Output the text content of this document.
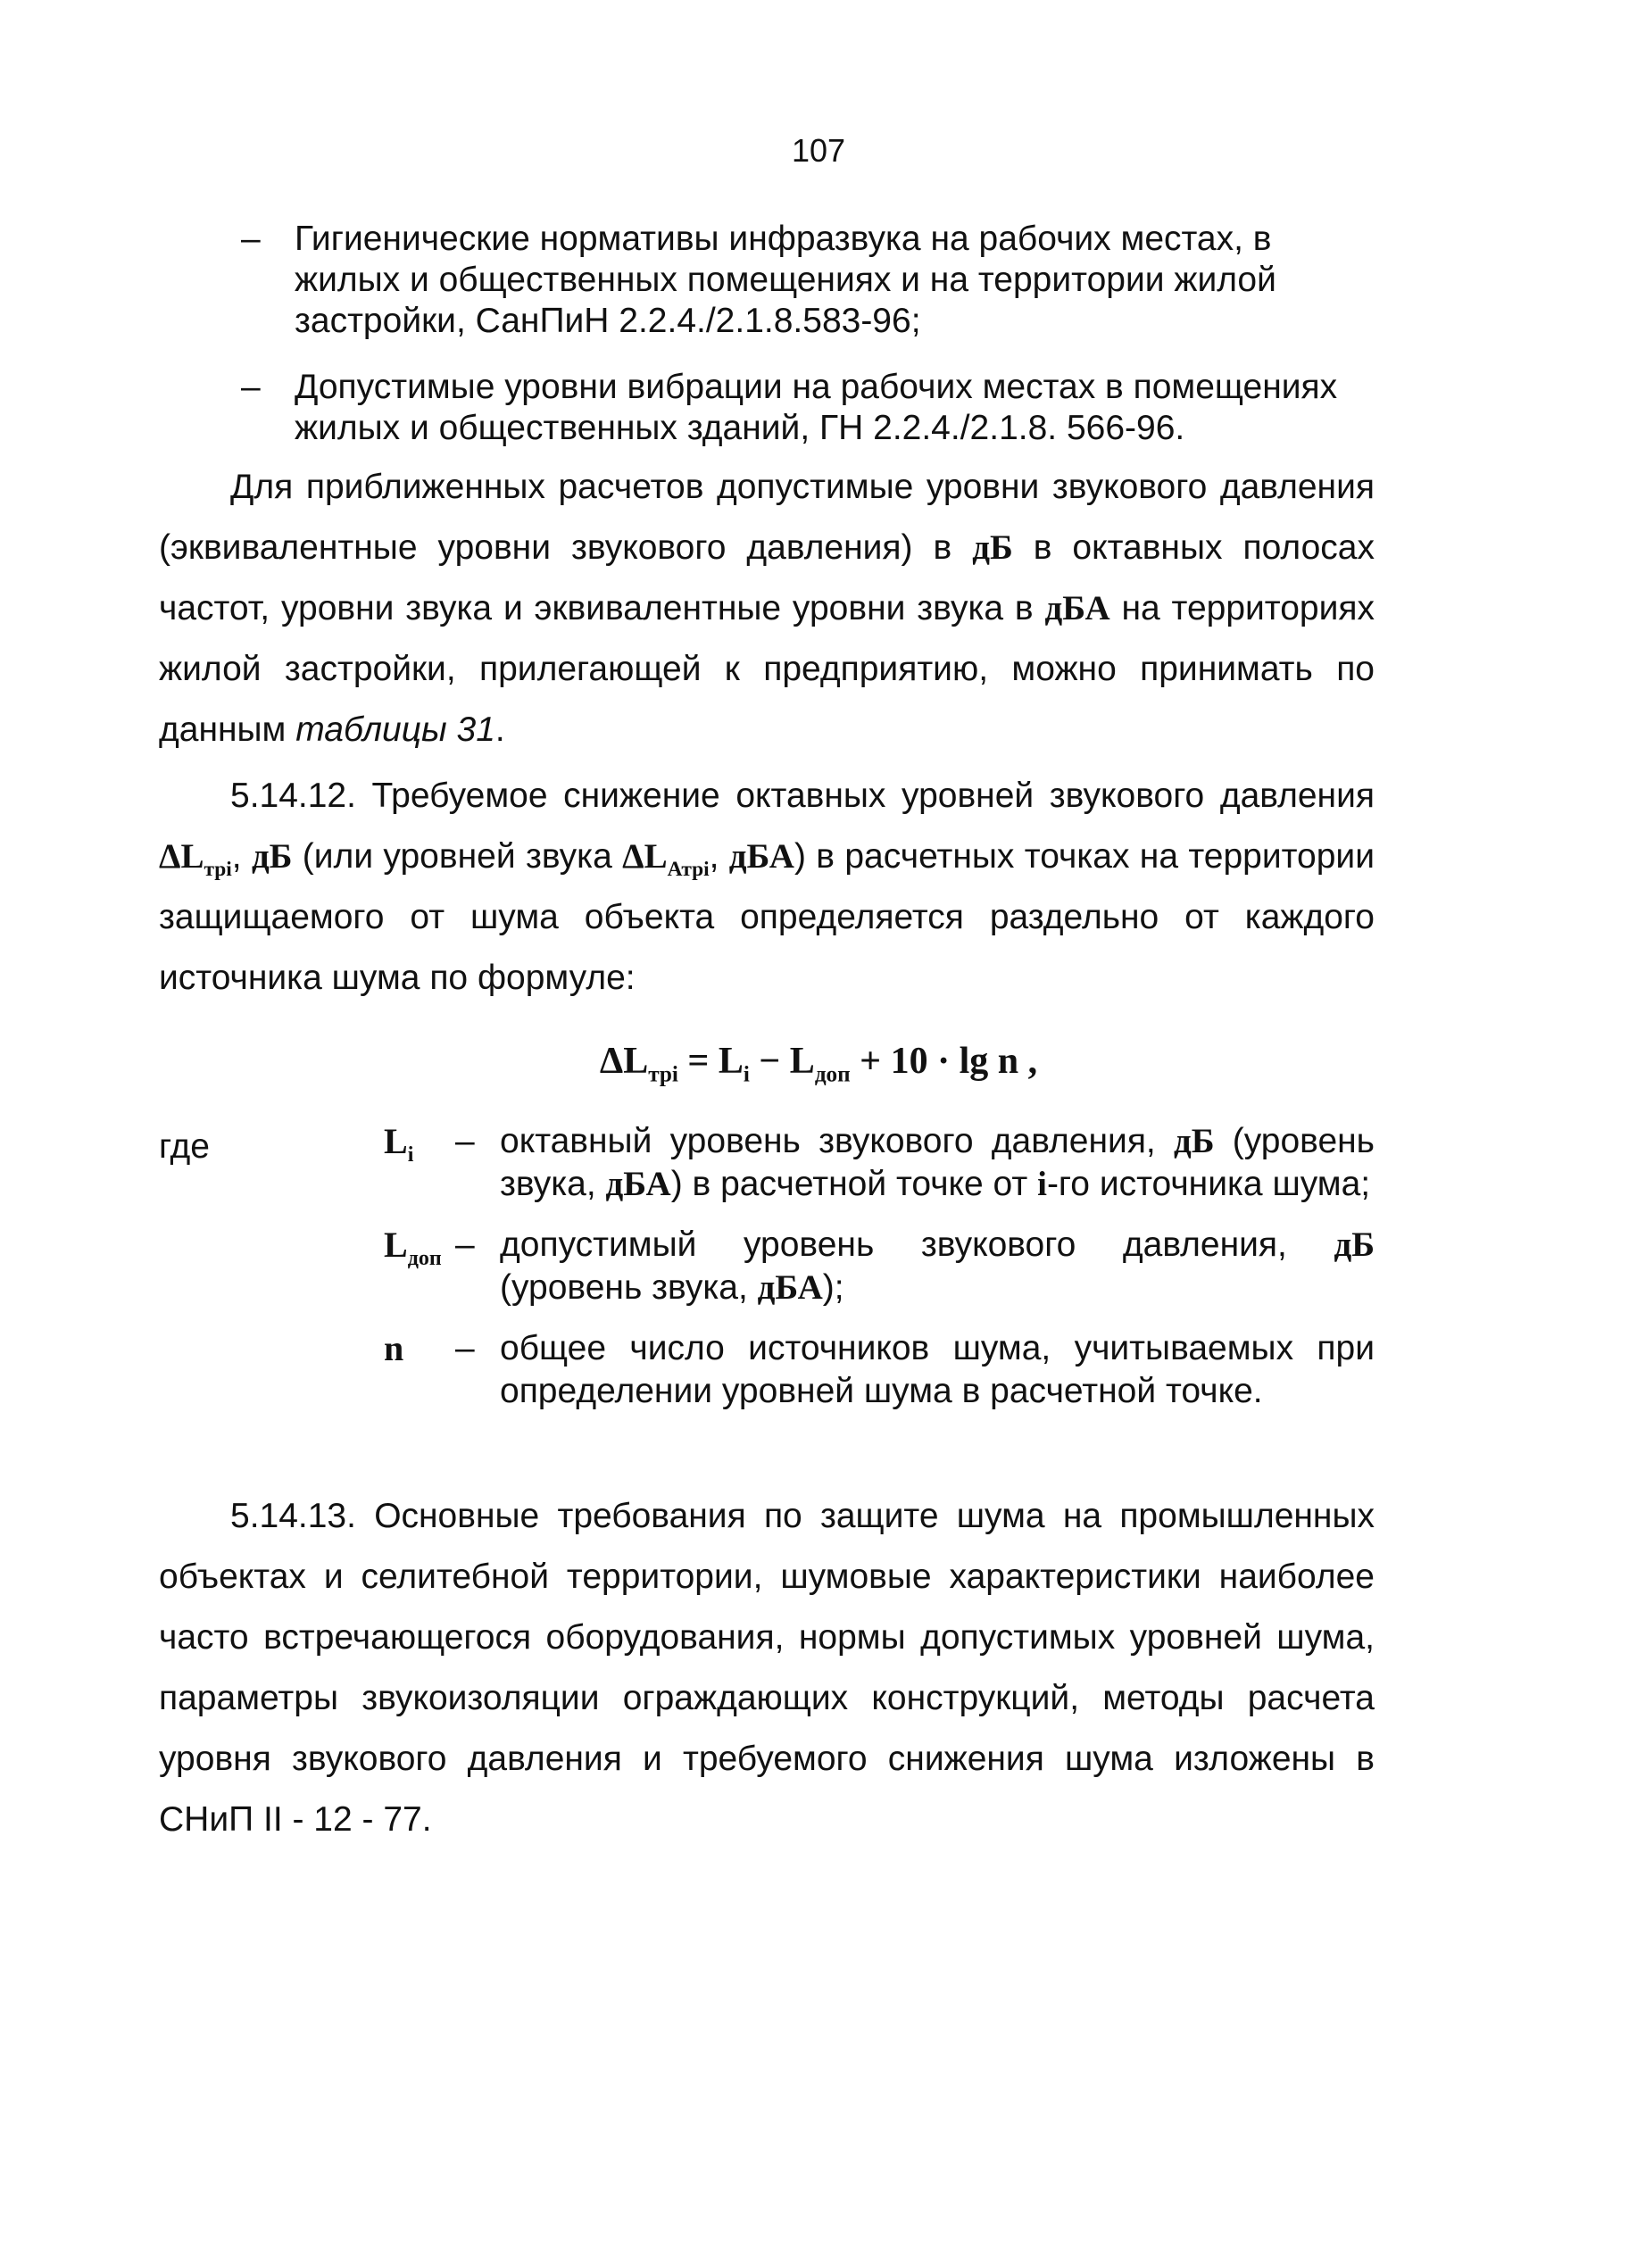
107
– Гигиенические нормативы инфразвука на рабочих местах, в жилых и общественных помещениях и на территории жилой застройки, СанПиН 2.2.4./2.1.8.583-96;
– Допустимые уровни вибрации на рабочих местах в помещениях жилых и общественных зданий, ГН 2.2.4./2.1.8. 566-96.
Для приближенных расчетов допустимые уровни звукового давления (эквивалентные уровни звукового давления) в дБ в октавных полосах частот, уровни звука и эквивалентные уровни звука в дБА на территориях жилой застройки, прилегающей к предприятию, можно принимать по данным таблицы 31.
5.14.12. Требуемое снижение октавных уровней звукового давления $\Delta L_{трi}$, дБ (или уровней звука $\Delta L_{Атрi}$, дБА) в расчетных точках на территории защищаемого от шума объекта определяется раздельно от каждого источника шума по формуле:
$\Delta L_{трi} = L_i - L_{доп} + 10 \cdot \lg n$ ,
где	$L_i$	– октавный уровень звукового давления, дБ (уровень звука, дБА) в расчетной точке от i-го источника шума;
$L_{доп}$ – допустимый уровень звукового давления, дБ (уровень звука, дБА);
n	– общее число источников шума, учитываемых при определении уровней шума в расчетной точке.
5.14.13. Основные требования по защите шума на промышленных объектах и селитебной территории, шумовые характеристики наиболее часто встречающегося оборудования, нормы допустимых уровней шума, параметры звукоизоляции ограждающих конструкций, методы расчета уровня звукового давления и требуемого снижения шума изложены в СНиП II - 12 - 77.
